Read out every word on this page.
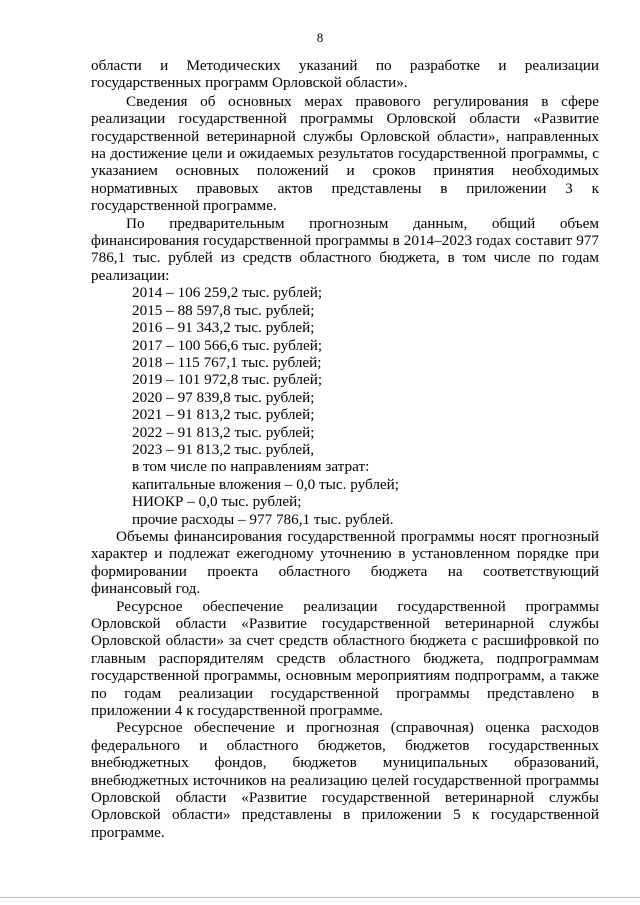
8

области и Методических указаний по разработке и реализации государственных программ Орловской области».

Сведения об основных мерах правового регулирования в сфере реализации государственной программы Орловской области «Развитие государственной ветеринарной службы Орловской области», направленных на достижение цели и ожидаемых результатов государственной программы, с указанием основных положений и сроков принятия необходимых нормативных правовых актов представлены в приложении 3 к государственной программе.

По предварительным прогнозным данным, общий объем финансирования государственной программы в 2014–2023 годах составит 977 786,1 тыс. рублей из средств областного бюджета, в том числе по годам реализации:

2014 – 106 259,2 тыс. рублей;
2015 – 88 597,8 тыс. рублей;
2016 – 91 343,2 тыс. рублей;
2017 – 100 566,6 тыс. рублей;
2018 – 115 767,1 тыс. рублей;
2019 – 101 972,8 тыс. рублей;
2020 – 97 839,8 тыс. рублей;
2021 – 91 813,2 тыс. рублей;
2022 – 91 813,2 тыс. рублей;
2023 – 91 813,2 тыс. рублей,

в том числе по направлениям затрат:

капитальные вложения – 0,0 тыс. рублей;

НИОКР – 0,0 тыс. рублей;

прочие расходы – 977 786,1 тыс. рублей.

Объемы финансирования государственной программы носят прогнозный характер и подлежат ежегодному уточнению в установленном порядке при формировании проекта областного бюджета на соответствующий финансовый год.

Ресурсное обеспечение реализации государственной программы Орловской области «Развитие государственной ветеринарной службы Орловской области» за счет средств областного бюджета с расшифровкой по главным распорядителям средств областного бюджета, подпрограммам государственной программы, основным мероприятиям подпрограмм, а также по годам реализации государственной программы представлено в приложении 4 к государственной программе.

Ресурсное обеспечение и прогнозная (справочная) оценка расходов федерального и областного бюджетов, бюджетов государственных внебюджетных фондов, бюджетов муниципальных образований, внебюджетных источников на реализацию целей государственной программы Орловской области «Развитие государственной ветеринарной службы Орловской области» представлены в приложении 5 к государственной программе.
